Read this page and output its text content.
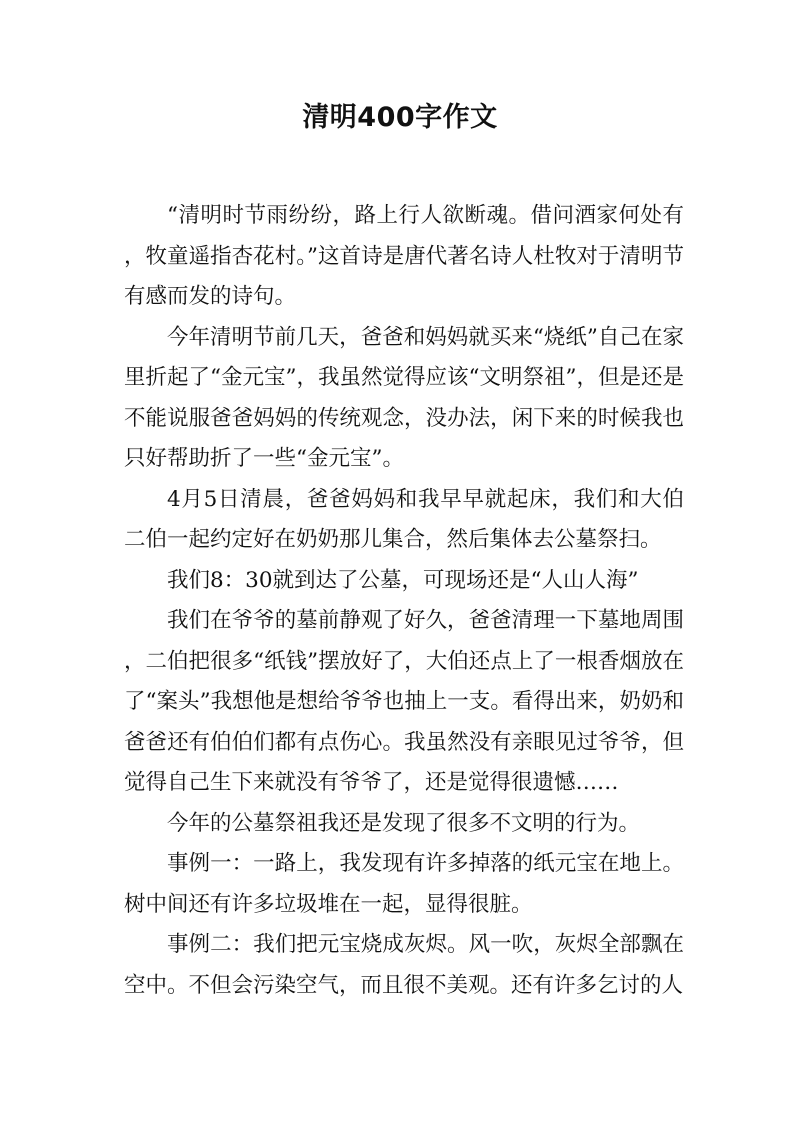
清明400字作文

“清明时节雨纷纷，路上行人欲断魂。借问酒家何处有，牧童遥指杏花村。”这首诗是唐代著名诗人杜牧对于清明节有感而发的诗句。

今年清明节前几天，爸爸和妈妈就买来“烧纸”自己在家里折起了“金元宝”，我虽然觉得应该“文明祭祖”，但是还是不能说服爸爸妈妈的传统观念，没办法，闲下来的时候我也只好帮助折了一些“金元宝”。

4月5日清晨，爸爸妈妈和我早早就起床，我们和大伯二伯一起约定好在奶奶那儿集合，然后集体去公墓祭扫。

我们8：30就到达了公墓，可现场还是“人山人海”

我们在爷爷的墓前静观了好久，爸爸清理一下墓地周围，二伯把很多“纸钱”摆放好了，大伯还点上了一根香烟放在了“案头”我想他是想给爷爷也抽上一支。看得出来，奶奶和爸爸还有伯伯们都有点伤心。我虽然没有亲眼见过爷爷，但觉得自己生下来就没有爷爷了，还是觉得很遗憾……

今年的公墓祭祖我还是发现了很多不文明的行为。

事例一：一路上，我发现有许多掉落的纸元宝在地上。树中间还有许多垃圾堆在一起，显得很脏。

事例二：我们把元宝烧成灰烬。风一吹，灰烬全部飘在空中。不但会污染空气，而且很不美观。还有许多乞讨的人
